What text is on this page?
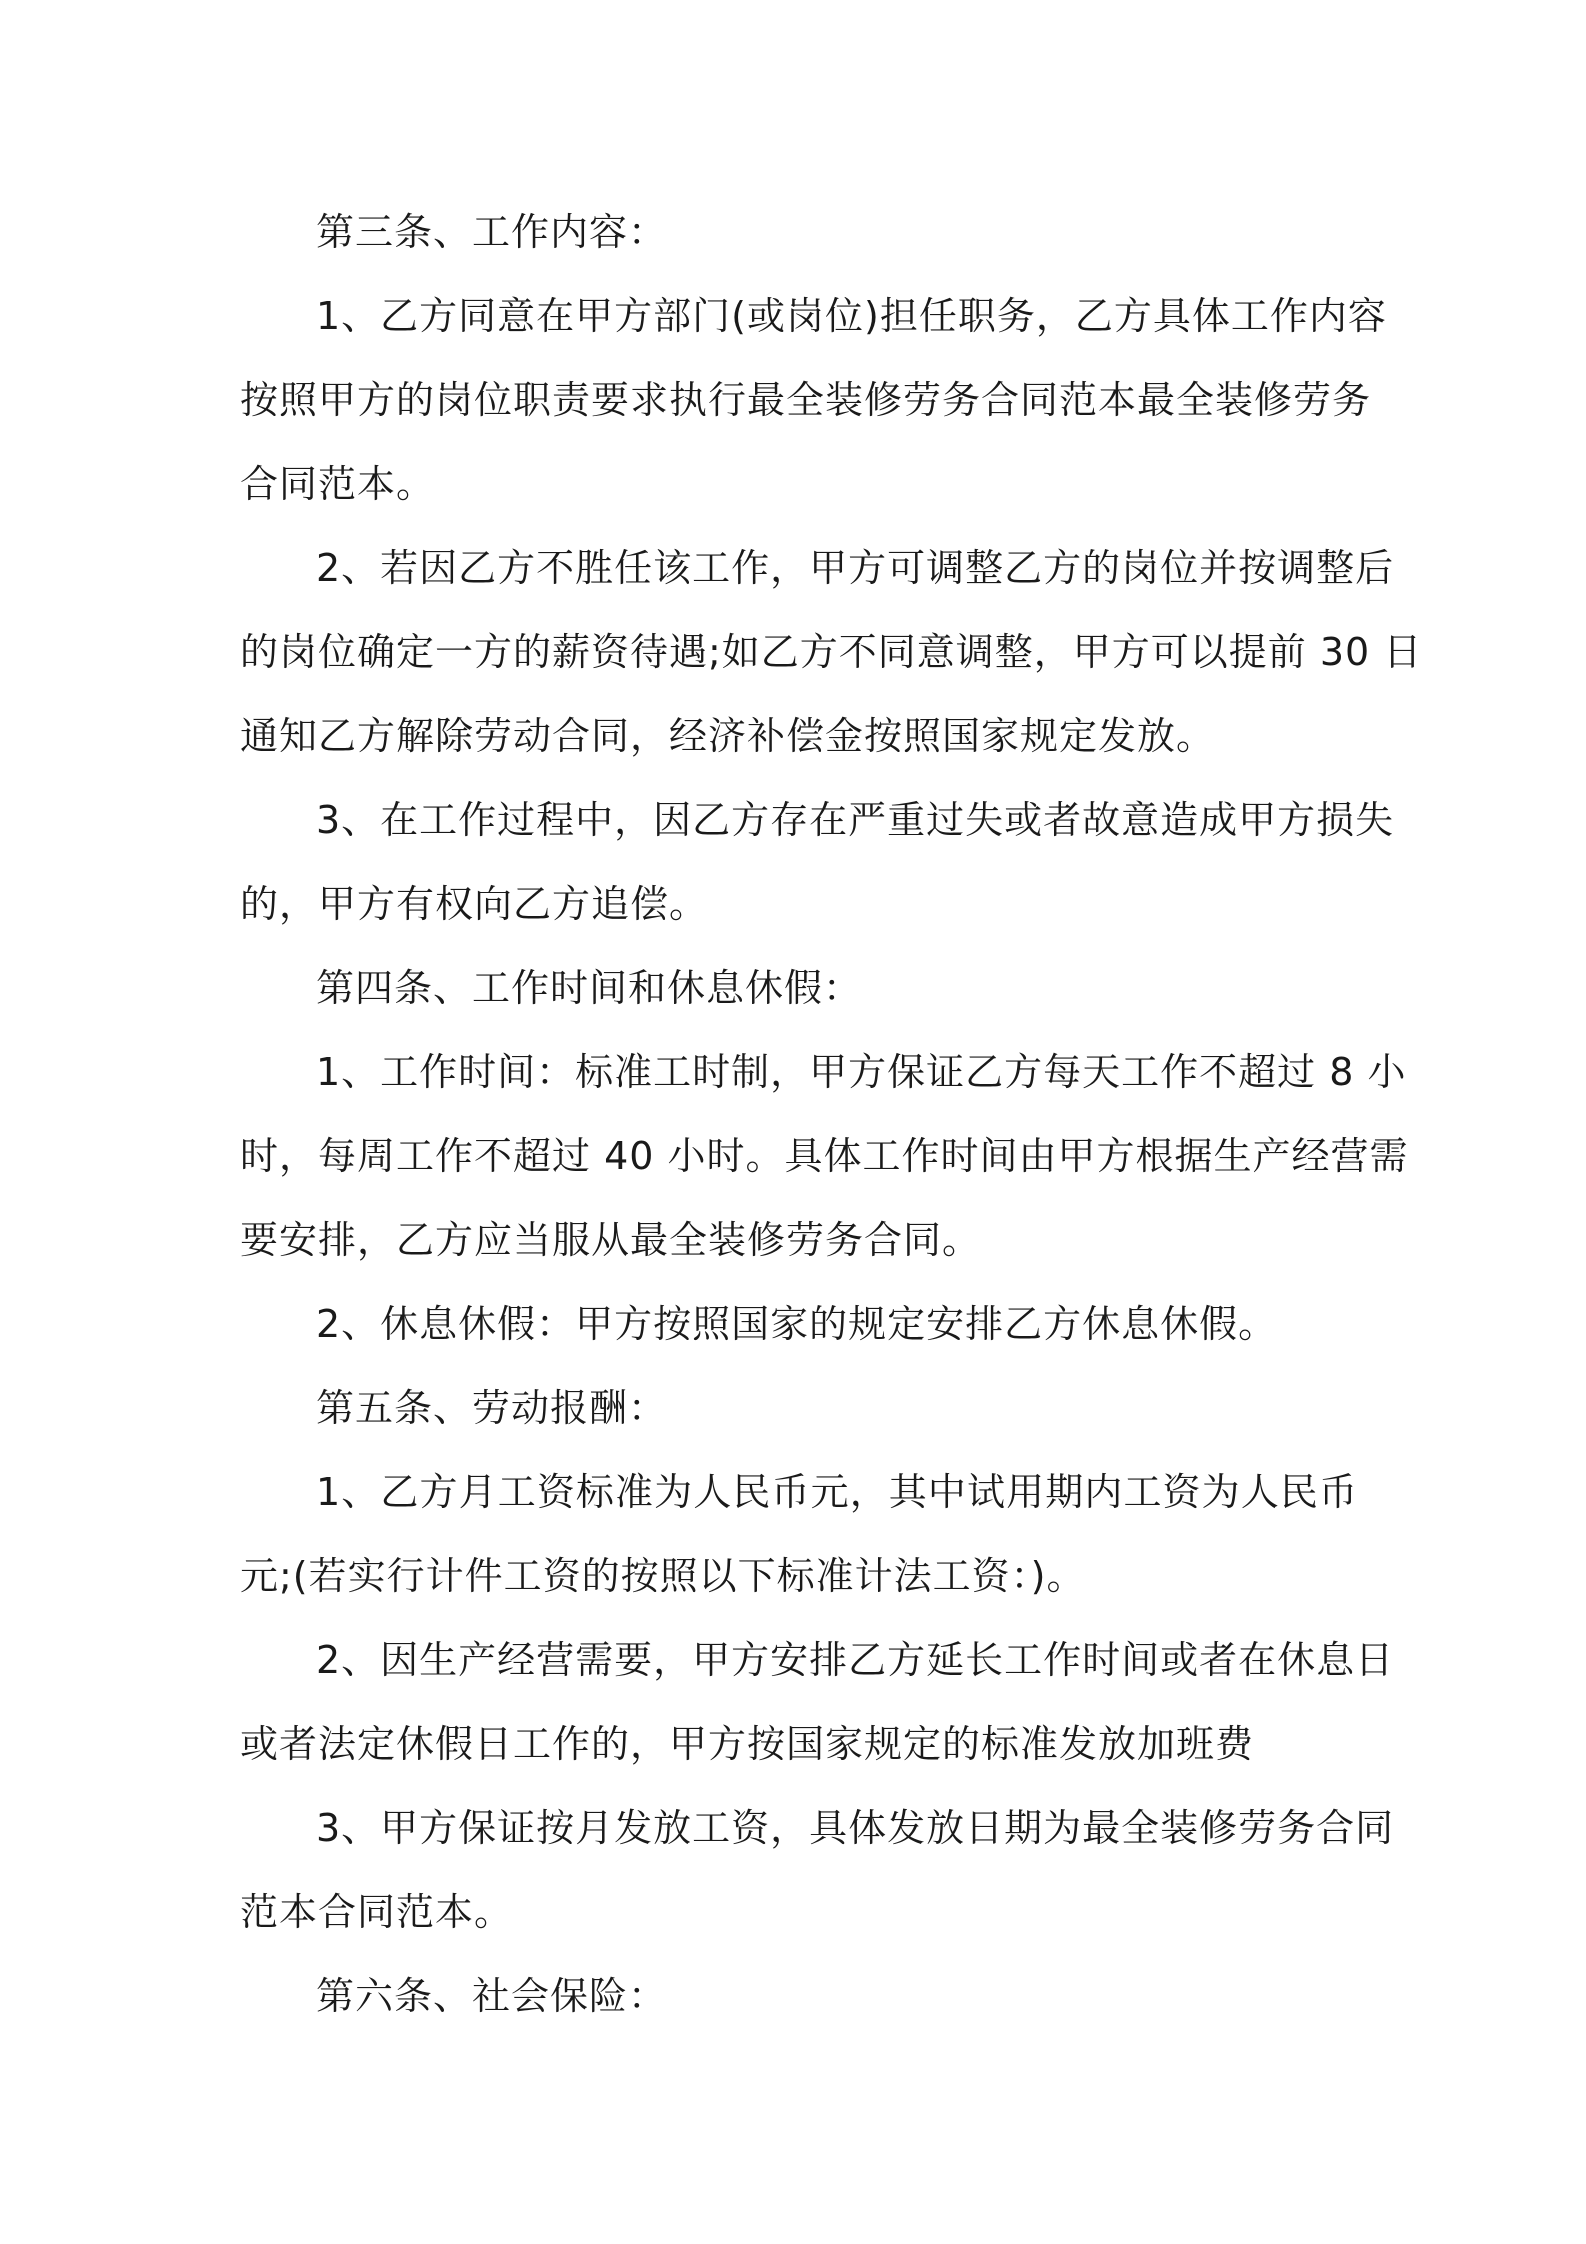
第三条、工作内容：

1、乙方同意在甲方部门(或岗位)担任职务，乙方具体工作内容

按照甲方的岗位职责要求执行最全装修劳务合同范本最全装修劳务

合同范本。

2、若因乙方不胜任该工作，甲方可调整乙方的岗位并按调整后

的岗位确定一方的薪资待遇;如乙方不同意调整，甲方可以提前 30 日

通知乙方解除劳动合同，经济补偿金按照国家规定发放。

3、在工作过程中，因乙方存在严重过失或者故意造成甲方损失

的，甲方有权向乙方追偿。

第四条、工作时间和休息休假：

1、工作时间：标准工时制，甲方保证乙方每天工作不超过 8 小

时，每周工作不超过 40 小时。具体工作时间由甲方根据生产经营需

要安排，乙方应当服从最全装修劳务合同。

2、休息休假：甲方按照国家的规定安排乙方休息休假。

第五条、劳动报酬：

1、乙方月工资标准为人民币元，其中试用期内工资为人民币

元;(若实行计件工资的按照以下标准计法工资：)。

2、因生产经营需要，甲方安排乙方延长工作时间或者在休息日

或者法定休假日工作的，甲方按国家规定的标准发放加班费

3、甲方保证按月发放工资，具体发放日期为最全装修劳务合同

范本合同范本。

第六条、社会保险：
